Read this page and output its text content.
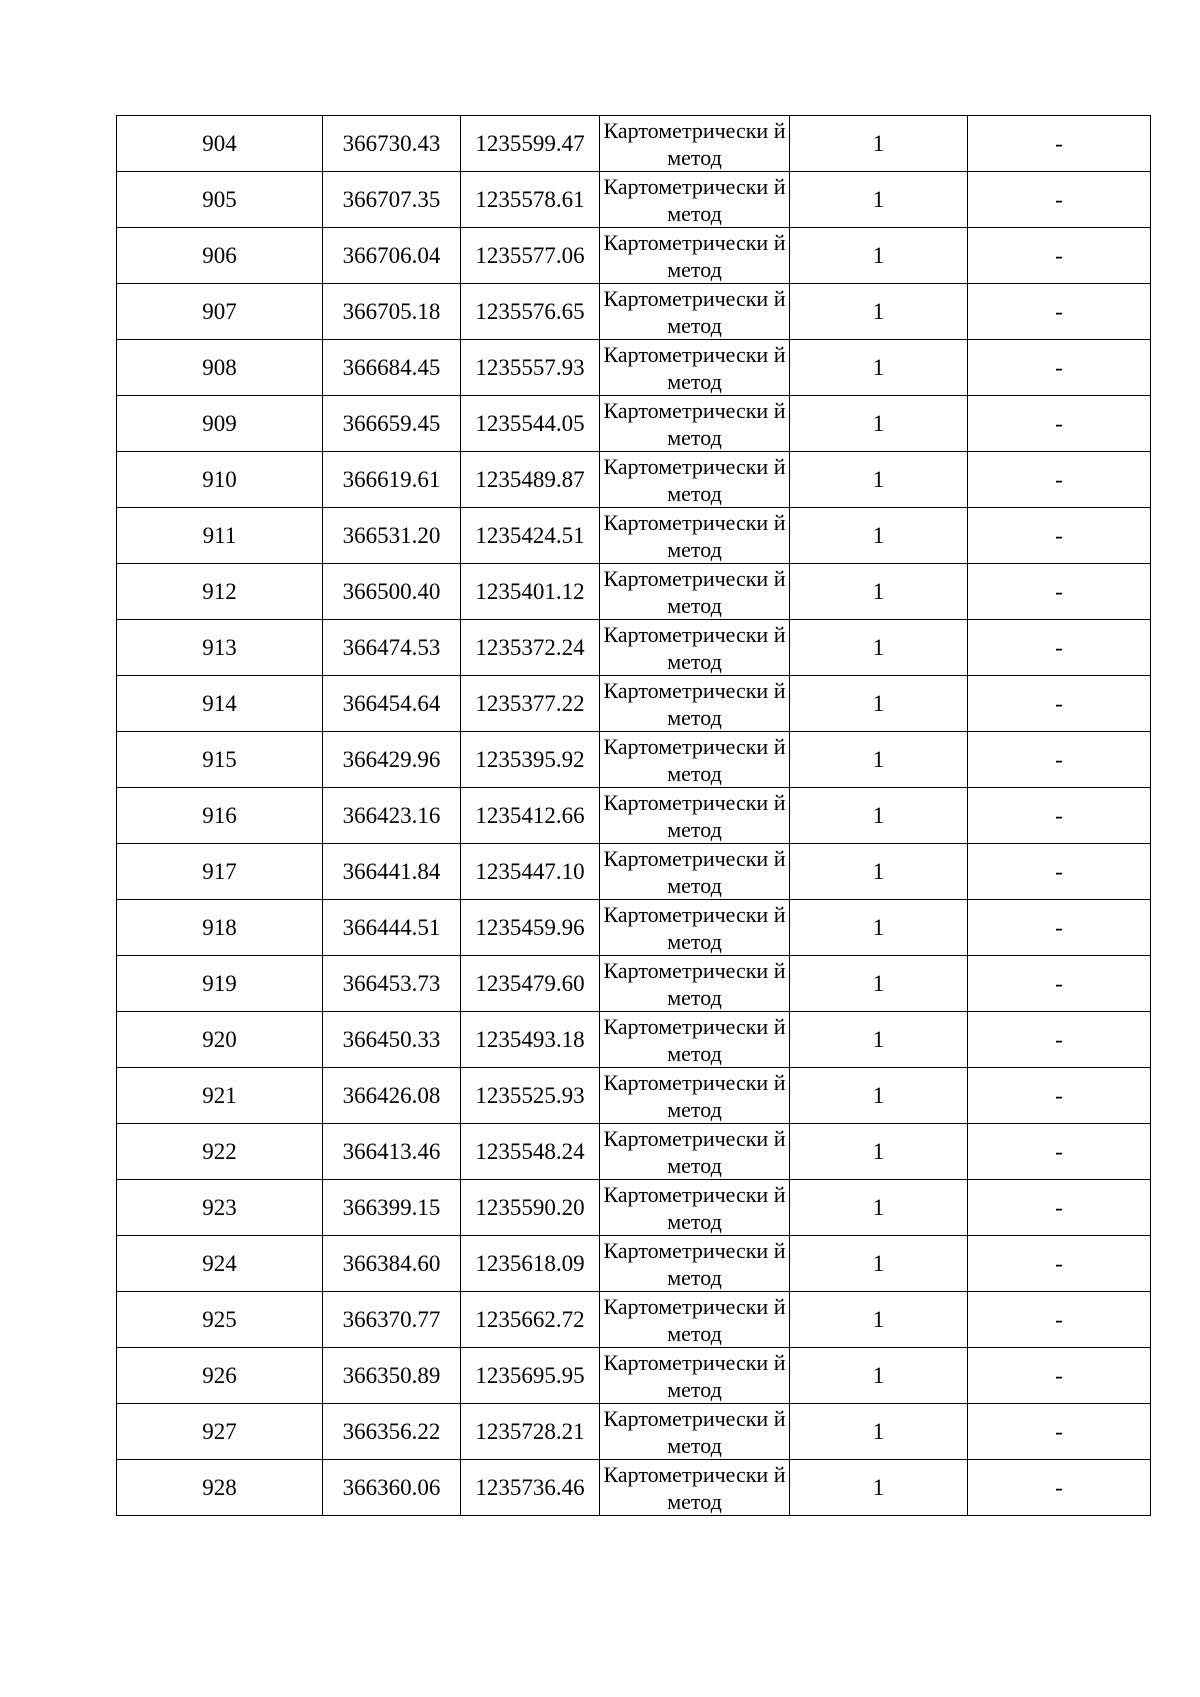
904	366730.43	1235599.47	Картометрически й метод	1	-
905	366707.35	1235578.61	Картометрически й метод	1	-
906	366706.04	1235577.06	Картометрически й метод	1	-
907	366705.18	1235576.65	Картометрически й метод	1	-
908	366684.45	1235557.93	Картометрически й метод	1	-
909	366659.45	1235544.05	Картометрически й метод	1	-
910	366619.61	1235489.87	Картометрически й метод	1	-
911	366531.20	1235424.51	Картометрически й метод	1	-
912	366500.40	1235401.12	Картометрически й метод	1	-
913	366474.53	1235372.24	Картометрически й метод	1	-
914	366454.64	1235377.22	Картометрически й метод	1	-
915	366429.96	1235395.92	Картометрически й метод	1	-
916	366423.16	1235412.66	Картометрически й метод	1	-
917	366441.84	1235447.10	Картометрически й метод	1	-
918	366444.51	1235459.96	Картометрически й метод	1	-
919	366453.73	1235479.60	Картометрически й метод	1	-
920	366450.33	1235493.18	Картометрически й метод	1	-
921	366426.08	1235525.93	Картометрически й метод	1	-
922	366413.46	1235548.24	Картометрически й метод	1	-
923	366399.15	1235590.20	Картометрически й метод	1	-
924	366384.60	1235618.09	Картометрически й метод	1	-
925	366370.77	1235662.72	Картометрически й метод	1	-
926	366350.89	1235695.95	Картометрически й метод	1	-
927	366356.22	1235728.21	Картометрически й метод	1	-
928	366360.06	1235736.46	Картометрически й метод	1	-
